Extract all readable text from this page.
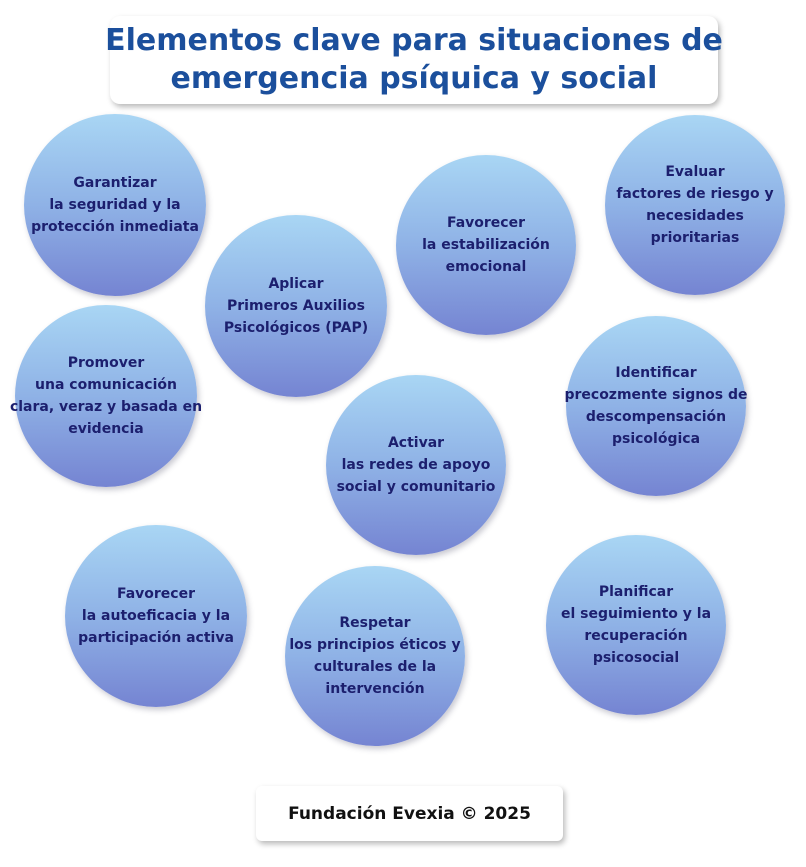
Elementos clave para situaciones de
emergencia psíquica y social
Garantizar
la seguridad y la
protección inmediata
Aplicar
Primeros Auxilios
Psicológicos (PAP)
Favorecer
la estabilización
emocional
Evaluar
factores de riesgo y
necesidades
prioritarias
Promover
una comunicación
clara, veraz y basada en
evidencia
Identificar
precozmente signos de
descompensación
psicológica
Activar
las redes de apoyo
social y comunitario
Favorecer
la autoeficacia y la
participación activa
Respetar
los principios éticos y
culturales de la
intervención
Planificar
el seguimiento y la
recuperación
psicosocial
Fundación Evexia © 2025
